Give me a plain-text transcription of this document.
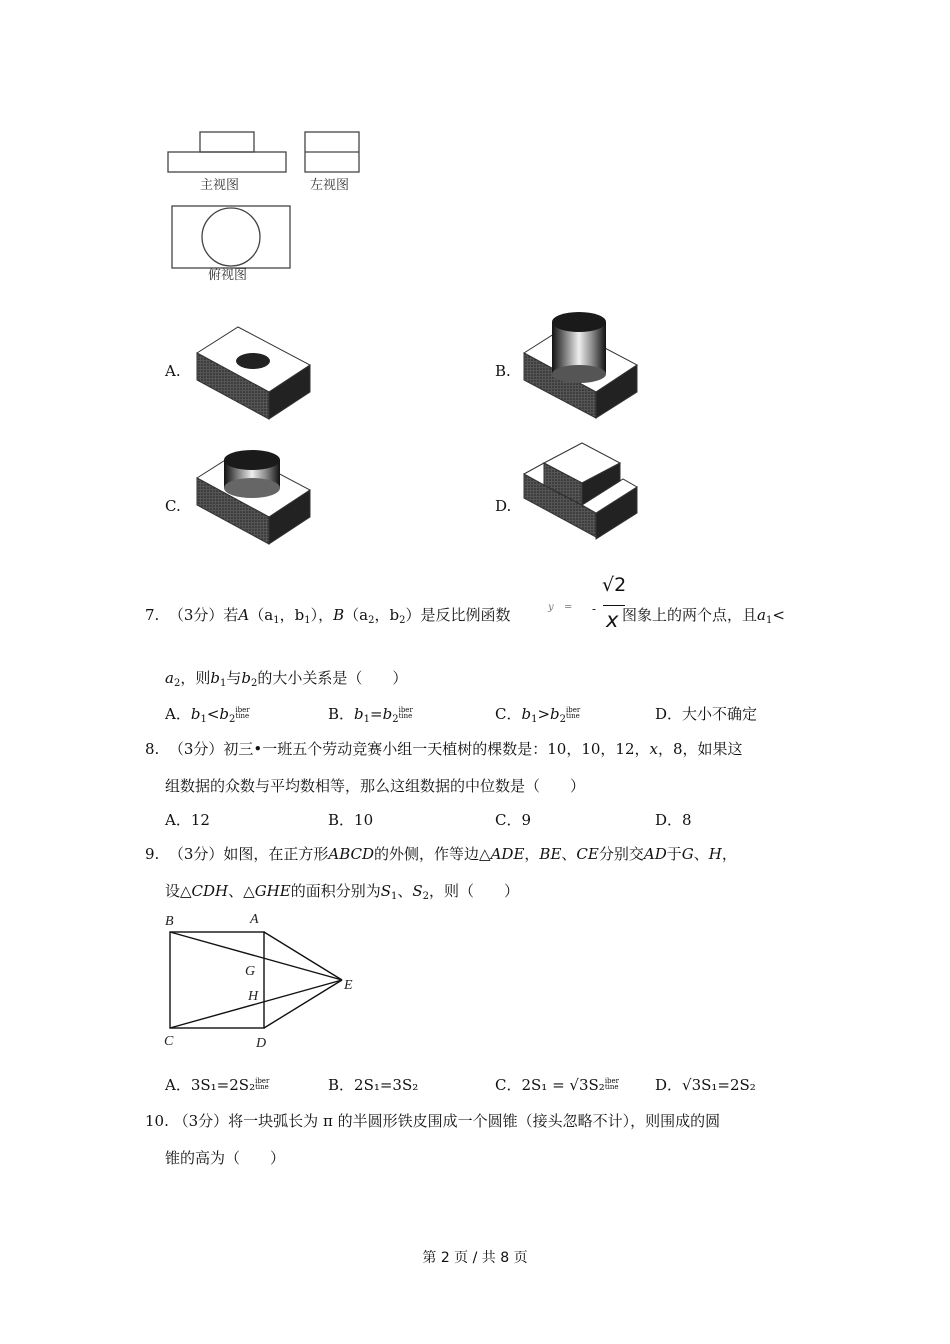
主视图	左视图
俯视图
A.	B.
C.	D.
7. （3分）若$A(a_1$，$b_1$），$B(a_2$，$b_2$）是反比例函数	y = -
√2
x 图象上的两个点，且$a_1<$
$a_2$，则$b_1$与$b_2$的大小关系是（　　）
A．$b_1<b_2iber$
tine	B．$b_1=b_2iber$
tine	C．$b_1>b_2iber$
tine	D．大小不确定
8. （3分）初三•一班五个劳动竞赛小组一天植树的棵数是：10，10，12，x，8，如果这
组数据的众数与平均数相等，那么这组数据的中位数是（　　）
A．12	B．10	C．9	D．8
9. （3分）如图，在正方形ABCD的外侧，作等边△ADE，BE、CE分别交AD于G、H，
设△CDH、△GHE的面积分别为$S_1$、$S_2$，则（　　）
B	A
G
H
E
C	D
A．3S₁=2S₂iber
tine	B．2S₁=3S₂	C．2S₁ = √3S₂iber
tine D．√3S₁=2S₂
10. （3分）将一块弧长为 π 的半圆形铁皮围成一个圆锥（接头忽略不计），则围成的圆
锥的高为（　　）
第 2 页 / 共 8 页
